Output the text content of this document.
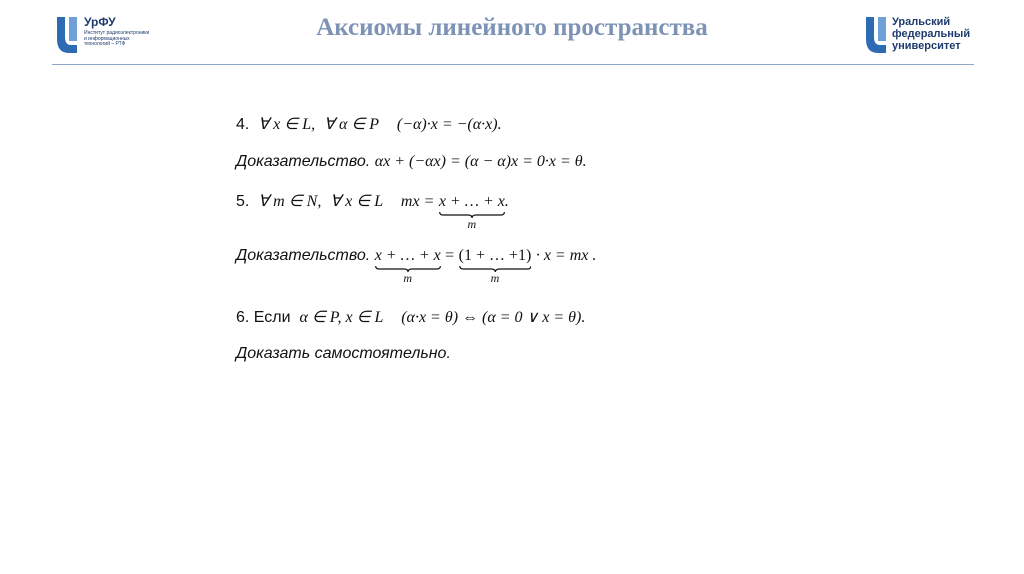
УрФУ
Институт радиоэлектроники и информационных технологий – РТФ
Аксиомы линейного пространства	Уральский
федеральный
университет
4. ∀ x ∈ L, ∀ α ∈ P (−α)·x = −(α·x).
Доказательство. αx + (−αx) = (α − α)x = 0·x = θ.
5. ∀ m ∈ N, ∀ x ∈ L mx = x + … + x
m
.
Доказательство. x + … + x
m
= (1 + … +1)
m
· x = mx .
6. Если α ∈ P, x ∈ L (α·x = θ) ⇔ (α = 0 ∨ x = θ).
Доказать самостоятельно.
